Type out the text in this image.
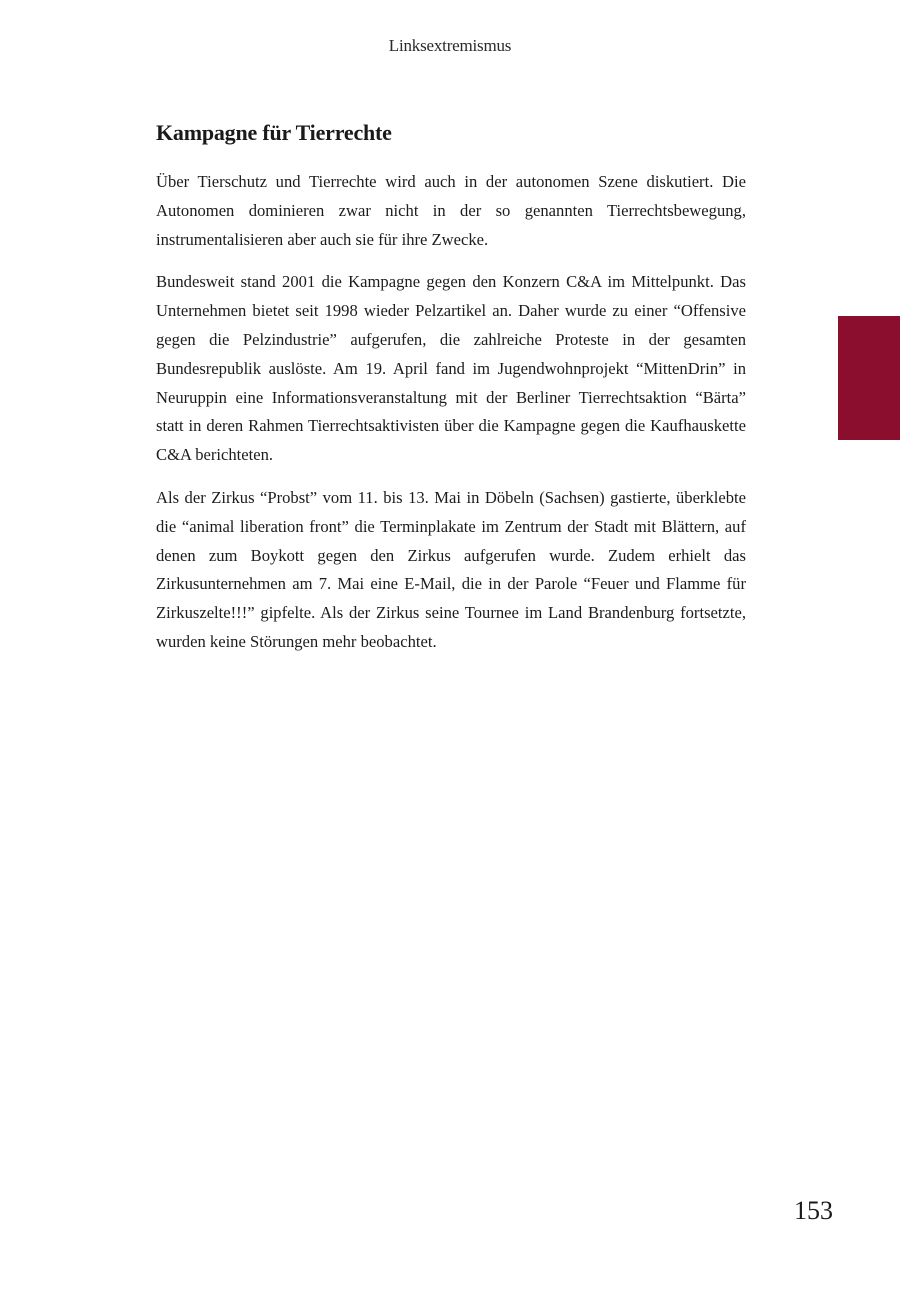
Linksextremismus
Kampagne für Tierrechte

Über Tierschutz und Tierrechte wird auch in der autonomen Szene diskutiert. Die Autonomen dominieren zwar nicht in der so genannten Tierrechtsbewegung, instrumentalisieren aber auch sie für ihre Zwecke.

Bundesweit stand 2001 die Kampagne gegen den Konzern C&A im Mittelpunkt. Das Unternehmen bietet seit 1998 wieder Pelzartikel an. Daher wurde zu einer “Offensive gegen die Pelzindustrie” aufgerufen, die zahlreiche Proteste in der gesamten Bundesrepublik auslöste. Am 19. April fand im Jugendwohnprojekt “MittenDrin” in Neuruppin eine Informationsveranstaltung mit der Berliner Tierrechtsaktion “Bärta” statt in deren Rahmen Tierrechtsaktivisten über die Kampagne gegen die Kaufhauskette C&A berichteten.

Als der Zirkus “Probst” vom 11. bis 13. Mai in Döbeln (Sachsen) gastierte, überklebte die “animal liberation front” die Terminplakate im Zentrum der Stadt mit Blättern, auf denen zum Boykott gegen den Zirkus aufgerufen wurde. Zudem erhielt das Zirkusunternehmen am 7. Mai eine E-Mail, die in der Parole “Feuer und Flamme für Zirkuszelte!!!” gipfelte. Als der Zirkus seine Tournee im Land Brandenburg fortsetzte, wurden keine Störungen mehr beobachtet.

153
